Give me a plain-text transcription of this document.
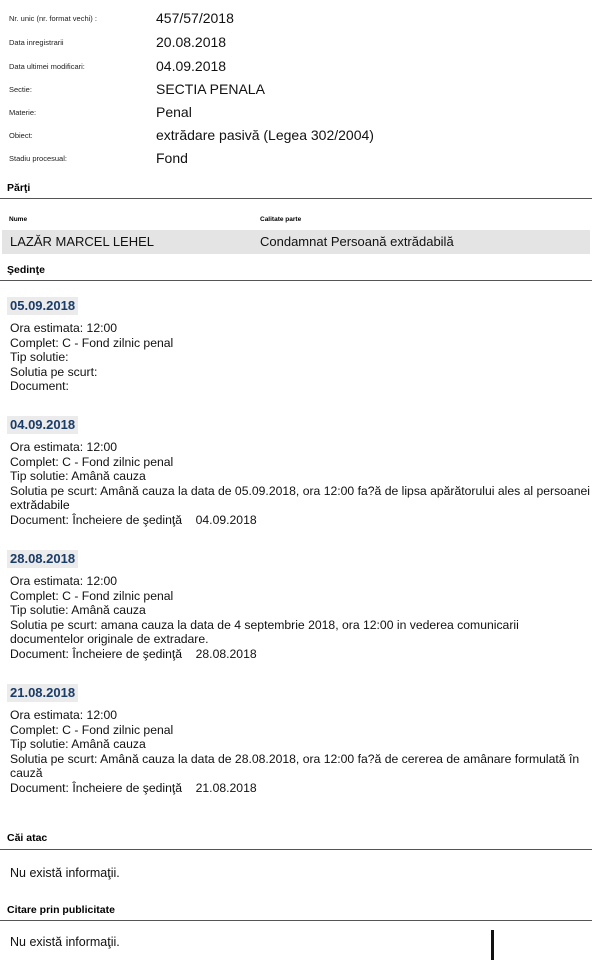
Nr. unic (nr. format vechi) :	457/57/2018
Data inregistrarii	20.08.2018
Data ultimei modificari:	04.09.2018
Sectie:	SECTIA PENALA
Materie:	Penal
Obiect:	extrădare pasivă (Legea 302/2004)
Stadiu procesual:	Fond
Părţi
Nume	Calitate parte
LAZĂR MARCEL LEHEL	Condamnat Persoană extrădabilă
Şedinţe
05.09.2018
Ora estimata: 12:00
Complet: C - Fond zilnic penal
Tip solutie:
Solutia pe scurt:
Document:
04.09.2018
Ora estimata: 12:00
Complet: C - Fond zilnic penal
Tip solutie: Amână cauza
Solutia pe scurt: Amână cauza la data de 05.09.2018, ora 12:00 fa?ă de lipsa apărătorului ales al persoanei extrădabile
Document: Încheiere de şedinţă    04.09.2018
28.08.2018
Ora estimata: 12:00
Complet: C - Fond zilnic penal
Tip solutie: Amână cauza
Solutia pe scurt: amana cauza la data de 4 septembrie 2018, ora 12:00 in vederea comunicarii documentelor originale de extradare.
Document: Încheiere de şedinţă    28.08.2018
21.08.2018
Ora estimata: 12:00
Complet: C - Fond zilnic penal
Tip solutie: Amână cauza
Solutia pe scurt: Amână cauza la data de 28.08.2018, ora 12:00 fa?ă de cererea de amânare formulată în cauză
Document: Încheiere de şedinţă    21.08.2018
Căi atac
Nu există informaţii.
Citare prin publicitate
Nu există informaţii.
